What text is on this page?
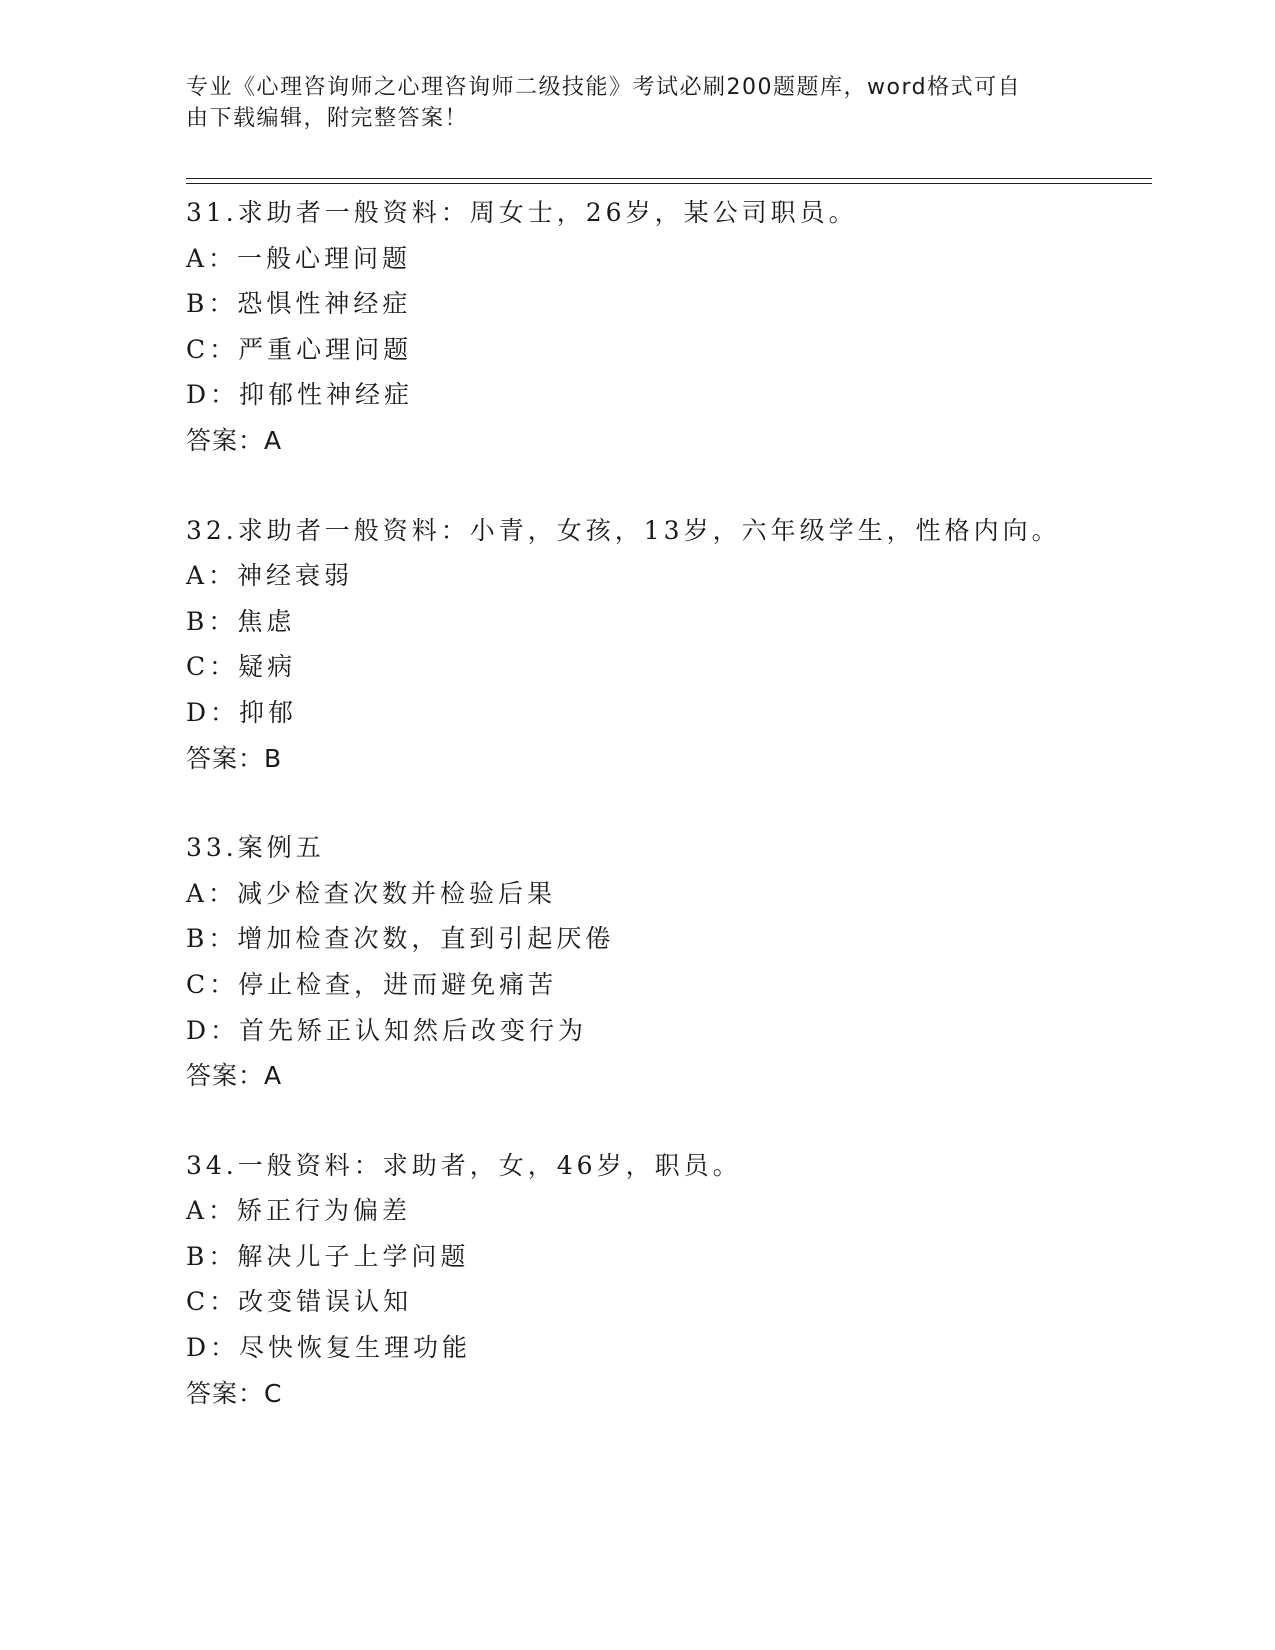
专业《心理咨询师之心理咨询师二级技能》考试必刷200题题库，word格式可自
由下载编辑，附完整答案！
31.求助者一般资料：周女士，26岁，某公司职员。
A：一般心理问题
B：恐惧性神经症
C：严重心理问题
D：抑郁性神经症
答案：A
32.求助者一般资料：小青，女孩，13岁，六年级学生，性格内向。
A：神经衰弱
B：焦虑
C：疑病
D：抑郁
答案：B
33.案例五
A：减少检查次数并检验后果
B：增加检查次数，直到引起厌倦
C：停止检查，进而避免痛苦
D：首先矫正认知然后改变行为
答案：A
34.一般资料：求助者，女，46岁，职员。
A：矫正行为偏差
B：解决儿子上学问题
C：改变错误认知
D：尽快恢复生理功能
答案：C
